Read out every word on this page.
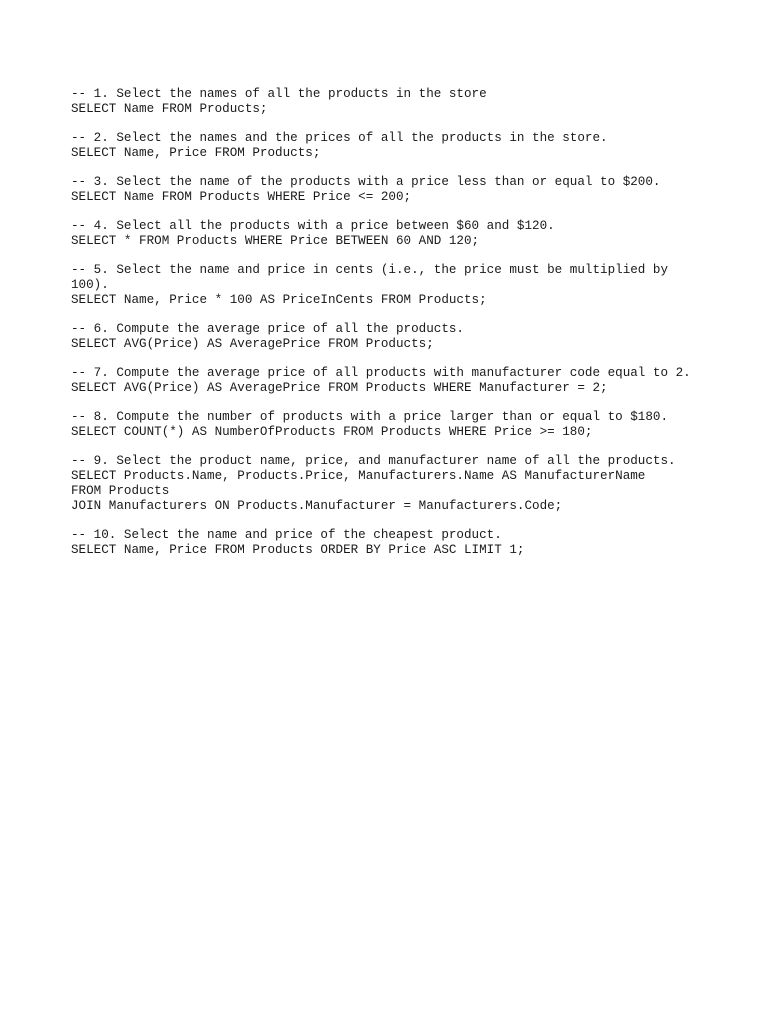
-- 1. Select the names of all the products in the store
SELECT Name FROM Products;
-- 2. Select the names and the prices of all the products in the store.
SELECT Name, Price FROM Products;
-- 3. Select the name of the products with a price less than or equal to $200.
SELECT Name FROM Products WHERE Price <= 200;
-- 4. Select all the products with a price between $60 and $120.
SELECT * FROM Products WHERE Price BETWEEN 60 AND 120;
-- 5. Select the name and price in cents (i.e., the price must be multiplied by 100).
SELECT Name, Price * 100 AS PriceInCents FROM Products;
-- 6. Compute the average price of all the products.
SELECT AVG(Price) AS AveragePrice FROM Products;
-- 7. Compute the average price of all products with manufacturer code equal to 2.
SELECT AVG(Price) AS AveragePrice FROM Products WHERE Manufacturer = 2;
-- 8. Compute the number of products with a price larger than or equal to $180.
SELECT COUNT(*) AS NumberOfProducts FROM Products WHERE Price >= 180;
-- 9. Select the product name, price, and manufacturer name of all the products.
SELECT Products.Name, Products.Price, Manufacturers.Name AS ManufacturerName
FROM Products
JOIN Manufacturers ON Products.Manufacturer = Manufacturers.Code;
-- 10. Select the name and price of the cheapest product.
SELECT Name, Price FROM Products ORDER BY Price ASC LIMIT 1;
